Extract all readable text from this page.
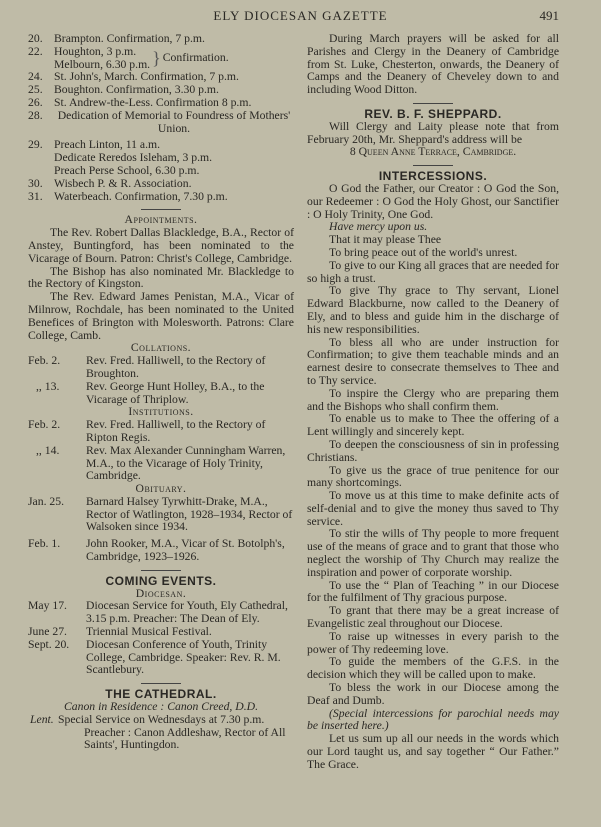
ELY DIOCESAN GAZETTE	491
20. Brampton. Confirmation, 7 p.m.
22. Houghton, 3 p.m.
Melbourn, 6.30 p.m. } Confirmation.
24. St. John's, March. Confirmation, 7 p.m.
25. Boughton. Confirmation, 3.30 p.m.
26. St. Andrew-the-Less. Confirmation 8 p.m.
28.	Dedication of Memorial to Foundress of Mothers' Union.
29. Preach Linton, 11 a.m.
Dedicate Reredos Isleham, 3 p.m.
Preach Perse School, 6.30 p.m.
30. Wisbech P. & R. Association.
31. Waterbeach. Confirmation, 7.30 p.m.
Appointments.

The Rev. Robert Dallas Blackledge, B.A., Rector of Anstey, Buntingford, has been nominated to the Vicarage of Bourn. Patron: Christ's College, Cambridge.

The Bishop has also nominated Mr. Blackledge to the Rectory of Kingston.

The Rev. Edward James Penistan, M.A., Vicar of Milnrow, Rochdale, has been nominated to the United Benefices of Brington with Molesworth. Patrons: Clare College, Camb.

Collations.
Feb. 2.	Rev. Fred. Halliwell, to the Rectory of Broughton.
,, 13.	Rev. George Hunt Holley, B.A., to the Vicarage of Thriplow.
Institutions.
Feb. 2.	Rev. Fred. Halliwell, to the Rectory of Ripton Regis.
,, 14.	Rev. Max Alexander Cunningham Warren, M.A., to the Vicarage of Holy Trinity, Cambridge.
Obituary.
Jan. 25.	Barnard Halsey Tyrwhitt-Drake, M.A., Rector of Watlington, 1928–1934, Rector of Walsoken since 1934.
Feb. 1.	John Rooker, M.A., Vicar of St. Botolph's, Cambridge, 1923–1926.
COMING EVENTS.
Diocesan.
May 17.	Diocesan Service for Youth, Ely Cathedral, 3.15 p.m. Preacher: The Dean of Ely.
June 27.	Triennial Musical Festival.
Sept. 20.	Diocesan Conference of Youth, Trinity College, Cambridge. Speaker: Rev. R. M. Scantlebury.
THE CATHEDRAL.
Canon in Residence : Canon Creed, D.D.
Lent. Special Service on Wednesdays at 7.30 p.m.
Preacher : Canon Addleshaw, Rector of All Saints', Huntingdon.

During March prayers will be asked for all Parishes and Clergy in the Deanery of Cambridge from St. Luke, Chesterton, onwards, the Deanery of Camps and the Deanery of Cheveley down to and including Wood Ditton.

REV. B. F. SHEPPARD.

Will Clergy and Laity please note that from February 20th, Mr. Sheppard's address will be

8 Queen Anne Terrace, Cambridge.
INTERCESSIONS.

O God the Father, our Creator : O God the Son, our Redeemer : O God the Holy Ghost, our Sanctifier : O Holy Trinity, One God.

Have mercy upon us.
That it may please Thee

To bring peace out of the world's unrest.

To give to our King all graces that are needed for so high a trust.

To give Thy grace to Thy servant, Lionel Edward Blackburne, now called to the Deanery of Ely, and to bless and guide him in the discharge of his new responsibilities.

To bless all who are under instruction for Confirmation; to give them teachable minds and an earnest desire to consecrate themselves to Thee and to Thy service.

To inspire the Clergy who are preparing them and the Bishops who shall confirm them.

To enable us to make to Thee the offering of a Lent willingly and sincerely kept.

To deepen the consciousness of sin in professing Christians.

To give us the grace of true penitence for our many shortcomings.

To move us at this time to make definite acts of self-denial and to give the money thus saved to Thy service.

To stir the wills of Thy people to more frequent use of the means of grace and to grant that those who neglect the worship of Thy Church may realize the inspiration and power of corporate worship.

To use the “ Plan of Teaching ” in our Diocese for the fulfilment of Thy gracious purpose.

To grant that there may be a great increase of Evangelistic zeal throughout our Diocese.

To raise up witnesses in every parish to the power of Thy redeeming love.

To guide the members of the G.F.S. in the decision which they will be called upon to make.

To bless the work in our Diocese among the Deaf and Dumb.

(Special intercessions for parochial needs may be inserted here.)

Let us sum up all our needs in the words which our Lord taught us, and say together “ Our Father.” The Grace.
